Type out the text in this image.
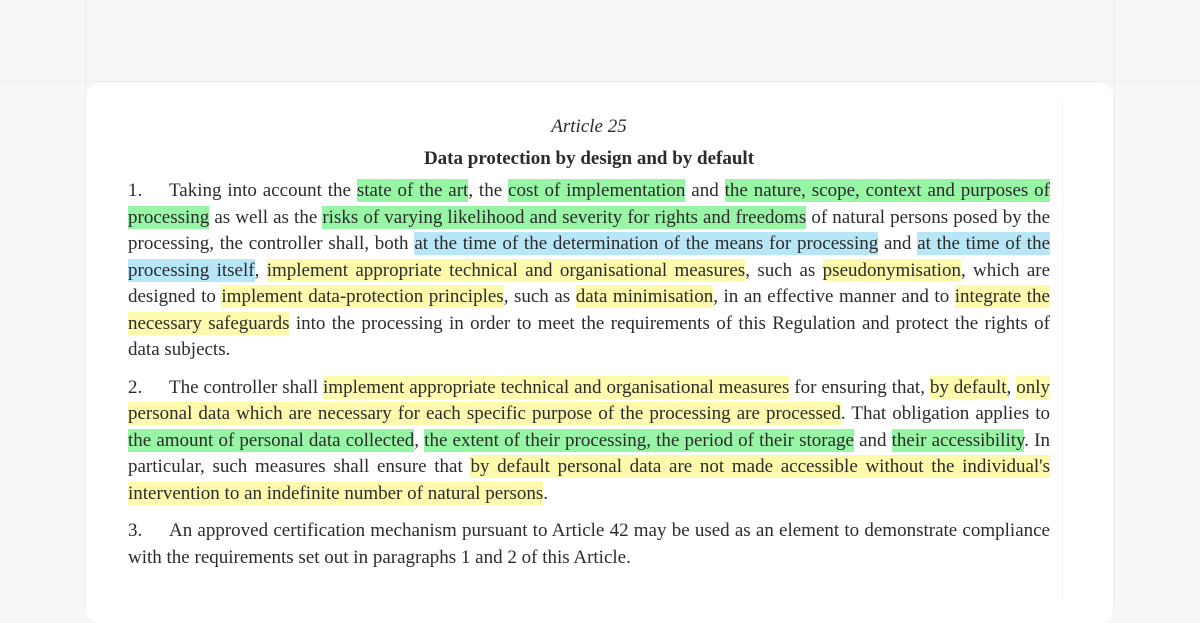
Article 25
Data protection by design and by default

1. Taking into account the state of the art, the cost of implementation and the nature, scope, context and purposes of processing as well as the risks of varying likelihood and severity for rights and freedoms of natural persons posed by the processing, the controller shall, both at the time of the determination of the means for processing and at the time of the processing itself, implement appropriate technical and organisational measures, such as pseudonymisation, which are designed to implement data-protection principles, such as data minimisation, in an effective manner and to integrate the necessary safeguards into the processing in order to meet the requirements of this Regulation and protect the rights of data subjects.

2. The controller shall implement appropriate technical and organisational measures for ensuring that, by default, only personal data which are necessary for each specific purpose of the processing are processed. That obligation applies to the amount of personal data collected, the extent of their processing, the period of their storage and their accessibility. In particular, such measures shall ensure that by default personal data are not made accessible without the individual's intervention to an indefinite number of natural persons.

3. An approved certification mechanism pursuant to Article 42 may be used as an element to demonstrate compliance with the requirements set out in paragraphs 1 and 2 of this Article.
